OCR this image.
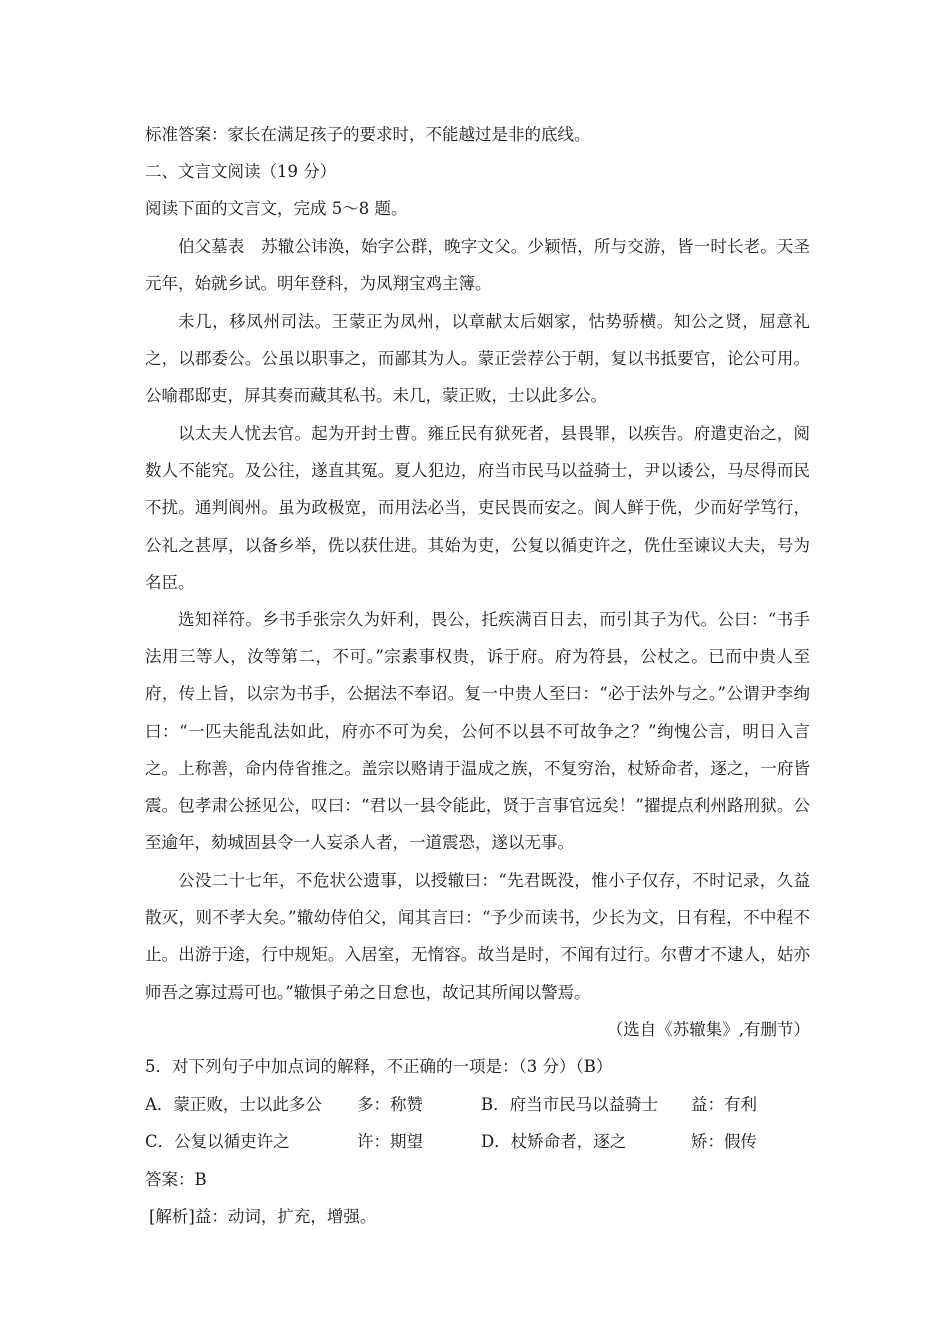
标准答案：家长在满足孩子的要求时，不能越过是非的底线。
二、文言文阅读（19 分）
阅读下面的文言文，完成 5～8 题。

伯父墓表　苏辙公讳涣，始字公群，晚字文父。少颖悟，所与交游，皆一时长老。天圣元年，始就乡试。明年登科，为凤翔宝鸡主簿。

未几，移凤州司法。王蒙正为凤州，以章献太后姻家，怙势骄横。知公之贤，屈意礼之，以郡委公。公虽以职事之，而鄙其为人。蒙正尝荐公于朝，复以书抵要官，论公可用。公喻郡邸吏，屏其奏而藏其私书。未几，蒙正败，士以此多公。

以太夫人忧去官。起为开封士曹。雍丘民有狱死者，县畏罪，以疾告。府遣吏治之，阅数人不能究。及公往，遂直其冤。夏人犯边，府当市民马以益骑士，尹以诿公，马尽得而民不扰。通判阆州。虽为政极宽，而用法必当，吏民畏而安之。阆人鲜于侁，少而好学笃行，公礼之甚厚，以备乡举，侁以获仕进。其始为吏，公复以循吏许之，侁仕至谏议大夫，号为名臣。

选知祥符。乡书手张宗久为奸利，畏公，托疾满百日去，而引其子为代。公曰：“书手法用三等人，汝等第二，不可。”宗素事权贵，诉于府。府为符县，公杖之。已而中贵人至府，传上旨，以宗为书手，公据法不奉诏。复一中贵人至曰：“必于法外与之。”公谓尹李绚曰：“一匹夫能乱法如此，府亦不可为矣，公何不以县不可故争之？”绚愧公言，明日入言之。上称善，命内侍省推之。盖宗以赂请于温成之族，不复穷治，杖矫命者，逐之，一府皆震。包孝肃公拯见公，叹曰：“君以一县令能此，贤于言事官远矣！”擢提点利州路刑狱。公至逾年，劾城固县令一人妄杀人者，一道震恐，遂以无事。

公没二十七年，不危状公遗事，以授辙曰：“先君既没，惟小子仅存，不时记录，久益散灭，则不孝大矣。”辙幼侍伯父，闻其言曰：“予少而读书，少长为文，日有程，不中程不止。出游于途，行中规矩。入居室，无惰容。故当是时，不闻有过行。尔曹才不逮人，姑亦师吾之寡过焉可也。”辙惧子弟之日怠也，故记其所闻以警焉。

（选自《苏辙集》,有删节）
5．对下列句子中加点词的解释，不正确的一项是：（3 分）（B）
A．蒙正败，士以此多公 多：称赞	B．府当市民马以益骑士 益：有利
C．公复以循吏许之	许：期望	D．杖矫命者，逐之	矫：假传
答案：B
[解析]益：动词，扩充，增强。
